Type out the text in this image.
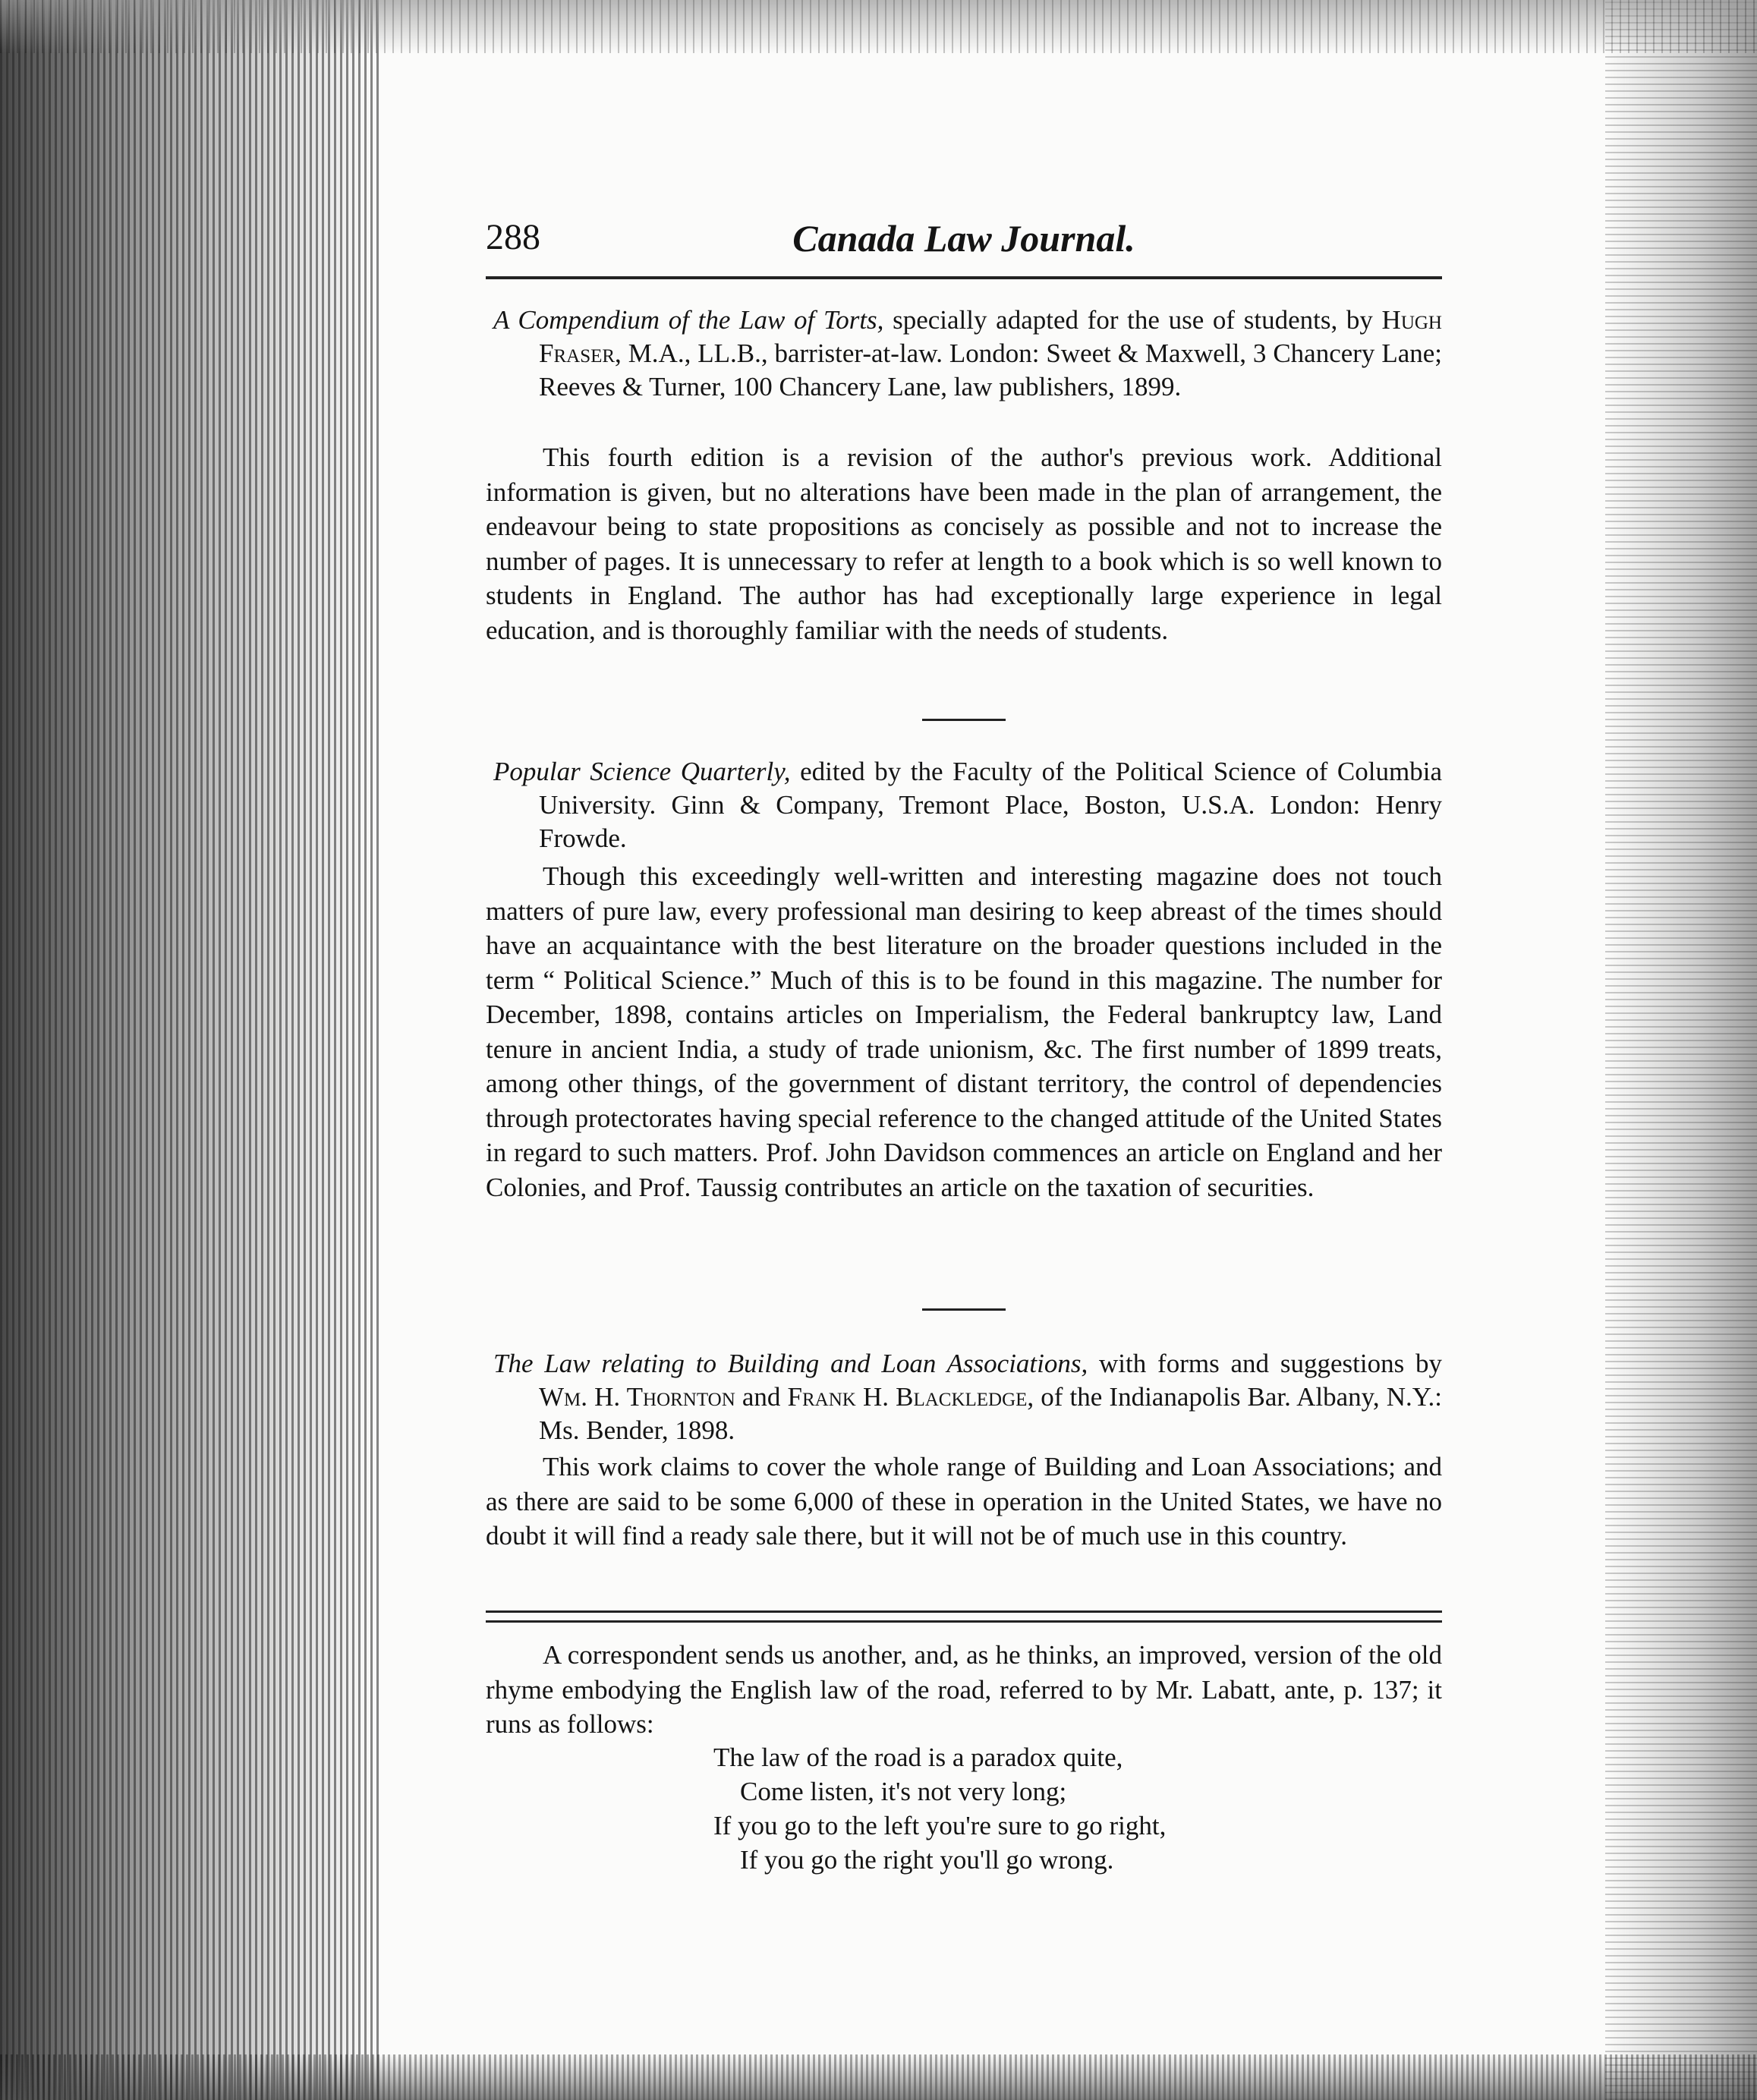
288	Canada Law Journal.
A Compendium of the Law of Torts, specially adapted for the use of students, by Hugh Fraser, M.A., LL.B., barrister-at-law. London: Sweet & Maxwell, 3 Chancery Lane; Reeves & Turner, 100 Chancery Lane, law publishers, 1899.
This fourth edition is a revision of the author's previous work. Additional information is given, but no alterations have been made in the plan of arrangement, the endeavour being to state propositions as concisely as possible and not to increase the number of pages. It is unnecessary to refer at length to a book which is so well known to students in England. The author has had exceptionally large experience in legal education, and is thoroughly familiar with the needs of students.
Popular Science Quarterly, edited by the Faculty of the Political Science of Columbia University. Ginn & Company, Tremont Place, Boston, U.S.A. London: Henry Frowde.
Though this exceedingly well-written and interesting magazine does not touch matters of pure law, every professional man desiring to keep abreast of the times should have an acquaintance with the best literature on the broader questions included in the term “ Political Science.” Much of this is to be found in this magazine. The number for December, 1898, contains articles on Imperialism, the Federal bankruptcy law, Land tenure in ancient India, a study of trade unionism, &c. The first number of 1899 treats, among other things, of the government of distant territory, the control of dependencies through protectorates having special reference to the changed attitude of the United States in regard to such matters. Prof. John Davidson commences an article on England and her Colonies, and Prof. Taussig contributes an article on the taxation of securities.
The Law relating to Building and Loan Associations, with forms and suggestions by Wm. H. Thornton and Frank H. Blackledge, of the Indianapolis Bar. Albany, N.Y.: Ms. Bender, 1898.
This work claims to cover the whole range of Building and Loan Associations; and as there are said to be some 6,000 of these in operation in the United States, we have no doubt it will find a ready sale there, but it will not be of much use in this country.
A correspondent sends us another, and, as he thinks, an improved, version of the old rhyme embodying the English law of the road, referred to by Mr. Labatt, ante, p. 137; it runs as follows:
The law of the road is a paradox quite,
Come listen, it's not very long;
If you go to the left you're sure to go right,
If you go the right you'll go wrong.
